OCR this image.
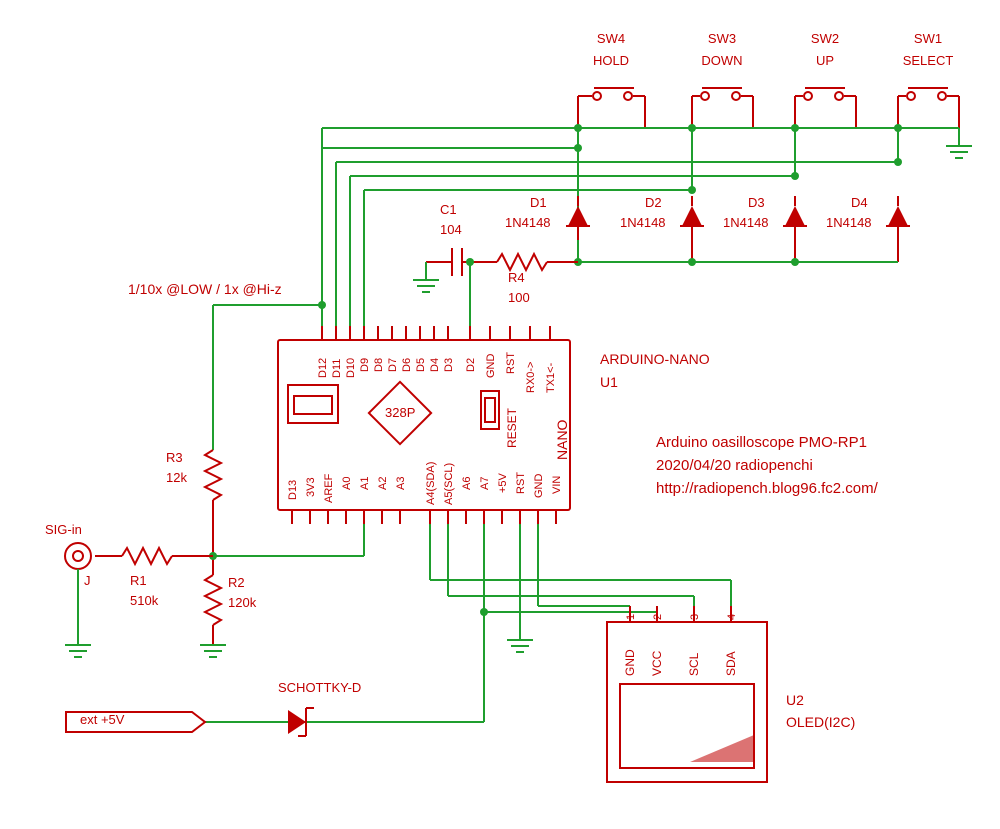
SW4
HOLD
SW3
DOWN
SW2
UP
SW1
SELECT
D1
1N4148
D2
1N4148
D3
1N4148
D4
1N4148
C1
104
R4
100
R3
12k
R2
120k
R1
510k
SIG-in
J
1/10x @LOW / 1x @Hi-z
ARDUINO-NANO
U1
328P
NANO
RESET
D12 D11 D10 D9 D8 D7 D6 D5 D4 D3 D2 GND RST RX0-> TX1<-
D13 3V3 AREF A0 A1 A2 A3 A4(SDA) A5(SCL) A6 A7 +5V RST GND VIN
1 2 3 4
GND VCC SCL SDA
U2
OLED(I2C)
ext +5V
SCHOTTKY-D
Arduino oasilloscope PMO-RP1
2020/04/20 radiopenchi
http://radiopench.blog96.fc2.com/
